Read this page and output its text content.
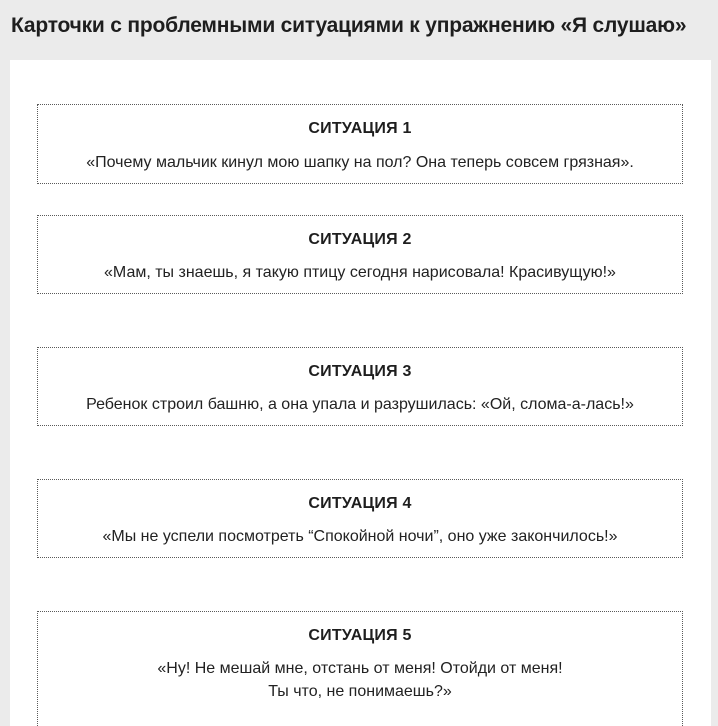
Карточки с проблемными ситуациями к упражнению «Я слушаю»

СИТУАЦИЯ 1

«Почему мальчик кинул мою шапку на пол? Она теперь совсем грязная».

СИТУАЦИЯ 2

«Мам, ты знаешь, я такую птицу сегодня нарисовала! Красивущую!»

СИТУАЦИЯ 3

Ребенок строил башню, а она упала и разрушилась: «Ой, слома-а-лась!»

СИТУАЦИЯ 4

«Мы не успели посмотреть “Спокойной ночи”, оно уже закончилось!»

СИТУАЦИЯ 5

«Ну! Не мешай мне, отстань от меня! Отойди от меня!
Ты что, не понимаешь?»
